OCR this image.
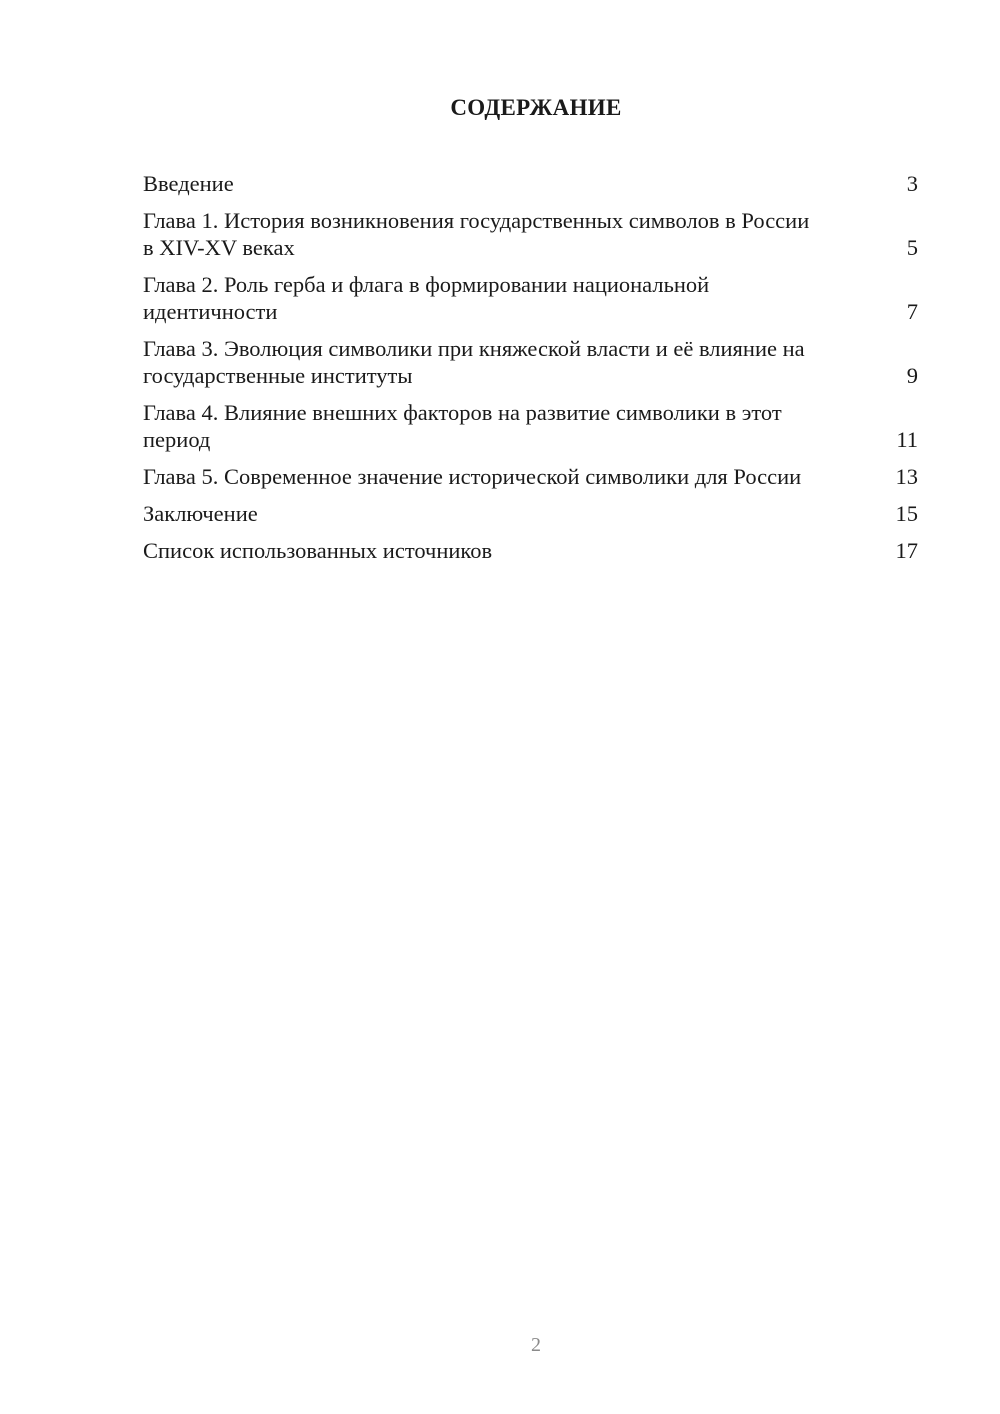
СОДЕРЖАНИЕ
Введение	3
Глава 1. История возникновения государственных символов в России в XIV-XV веках	5
Глава 2. Роль герба и флага в формировании национальной идентичности	7
Глава 3. Эволюция символики при княжеской власти и её влияние на государственные институты	9
Глава 4. Влияние внешних факторов на развитие символики в этот период	11
Глава 5. Современное значение исторической символики для России	13
Заключение	15
Список использованных источников	17
2
